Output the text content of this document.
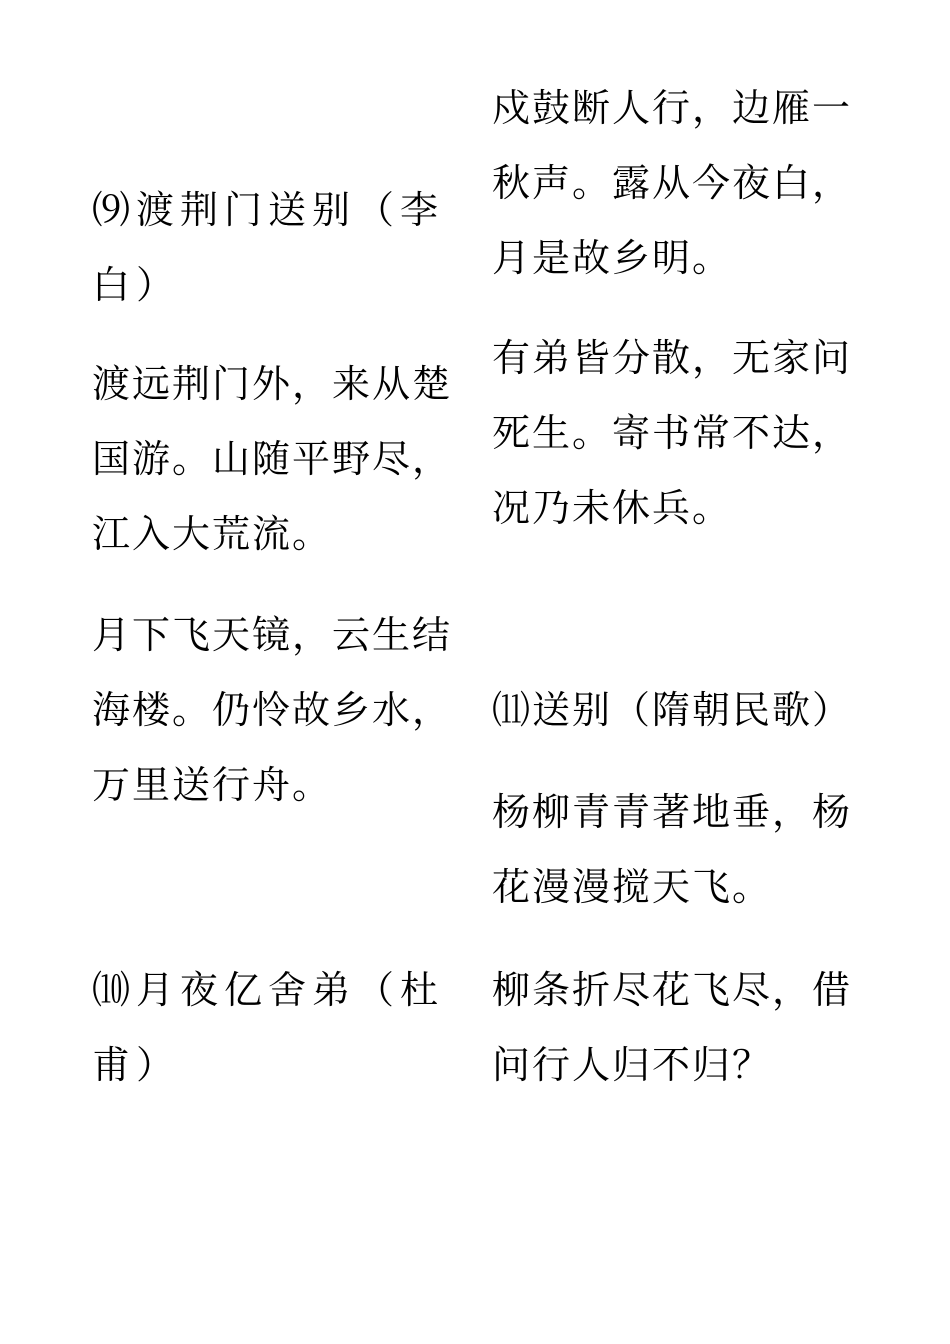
⑼渡荆门送别（李
白）
渡远荆门外，来从楚
国游。山随平野尽，
江入大荒流。
月下飞天镜，云生结
海楼。仍怜故乡水，
万里送行舟。
⑽月夜亿舍弟（杜
甫）
戍鼓断人行，边雁一
秋声。露从今夜白，
月是故乡明。
有弟皆分散，无家问
死生。寄书常不达，
况乃未休兵。
⑾送别（隋朝民歌）
杨柳青青著地垂，杨
花漫漫搅天飞。
柳条折尽花飞尽，借
问行人归不归？
